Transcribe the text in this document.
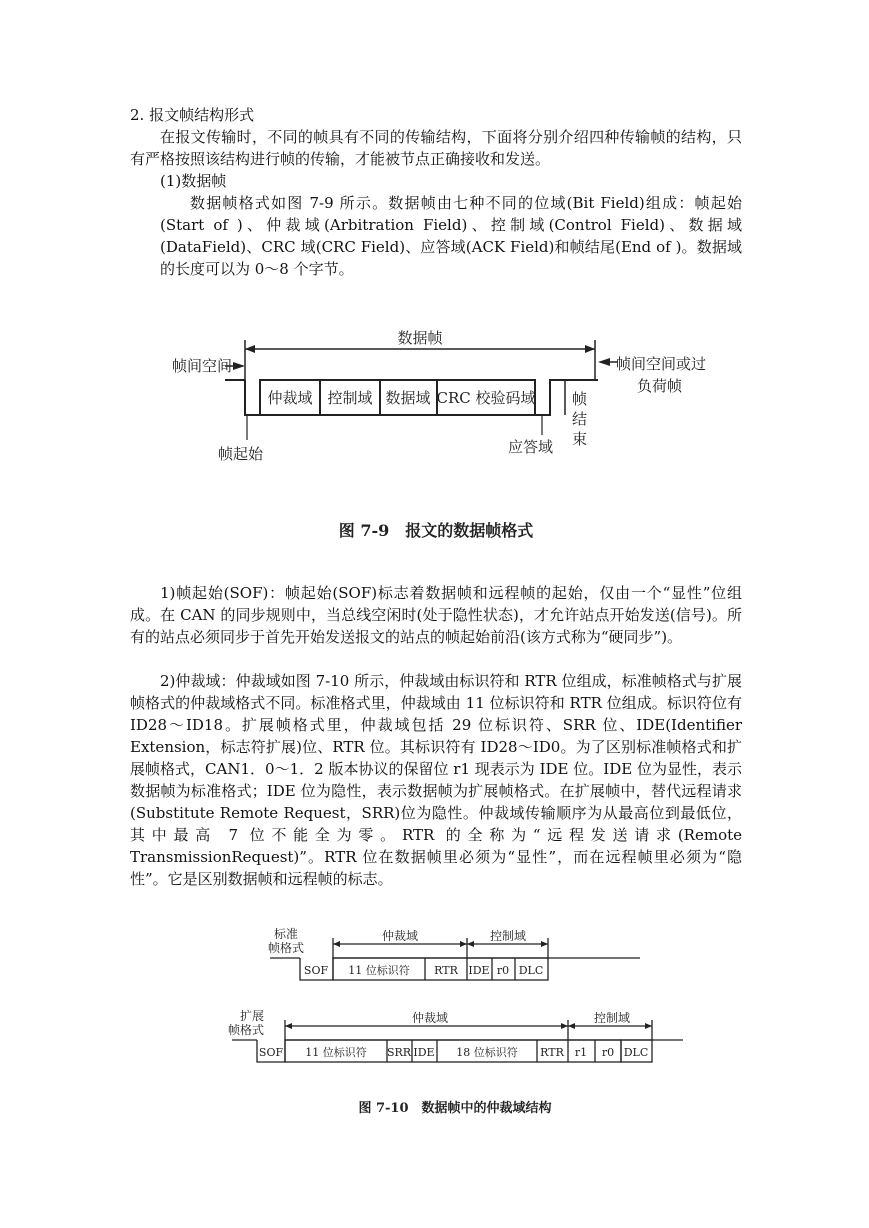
2. 报文帧结构形式

在报文传输时，不同的帧具有不同的传输结构，下面将分别介绍四种传输帧的结构，只有严格按照该结构进行帧的传输，才能被节点正确接收和发送。

(1)数据帧

数据帧格式如图 7-9 所示。数据帧由七种不同的位域(Bit Field)组成：帧起始(Start of )、仲裁域(Arbitration Field)、控制域(Control Field)、数据域(DataField)、CRC 域(CRC Field)、应答域(ACK Field)和帧结尾(End of )。数据域的长度可以为 0～8 个字节。

数据帧
帧间空间	帧间空间或过
负荷帧
仲裁域 控制域 数据域 CRC 校验码域
帧起始	应答域
帧
结
束
图 7-9　报文的数据帧格式

1)帧起始(SOF)：帧起始(SOF)标志着数据帧和远程帧的起始，仅由一个“显性”位组成。在 CAN 的同步规则中，当总线空闲时(处于隐性状态)，才允许站点开始发送(信号)。所有的站点必须同步于首先开始发送报文的站点的帧起始前沿(该方式称为“硬同步”)。

2)仲裁域：仲裁域如图 7-10 所示，仲裁域由标识符和 RTR 位组成，标准帧格式与扩展帧格式的仲裁域格式不同。标准格式里，仲裁域由 11 位标识符和 RTR 位组成。标识符位有 ID28～ID18。扩展帧格式里，仲裁域包括 29 位标识符、SRR 位、IDE(Identifier Extension，标志符扩展)位、RTR 位。其标识符有 ID28～ID0。为了区别标准帧格式和扩展帧格式，CAN1．0～1．2 版本协议的保留位 r1 现表示为 IDE 位。IDE 位为显性，表示数据帧为标准格式；IDE 位为隐性，表示数据帧为扩展帧格式。在扩展帧中，替代远程请求(Substitute Remote Request，SRR)位为隐性。仲裁域传输顺序为从最高位到最低位，其中最高 7 位不能全为零。RTR 的全称为“远程发送请求(Remote TransmissionRequest)”。RTR 位在数据帧里必须为“显性”，而在远程帧里必须为“隐性”。它是区别数据帧和远程帧的标志。

标准
帧格式
仲裁域	控制域
SOF 11 位标识符 RTR IDE r0 DLC
扩展
帧格式
仲裁域	控制域
SOF 11 位标识符 SRR IDE 18 位标识符 RTR r1 r0 DLC
图 7-10　数据帧中的仲裁域结构
